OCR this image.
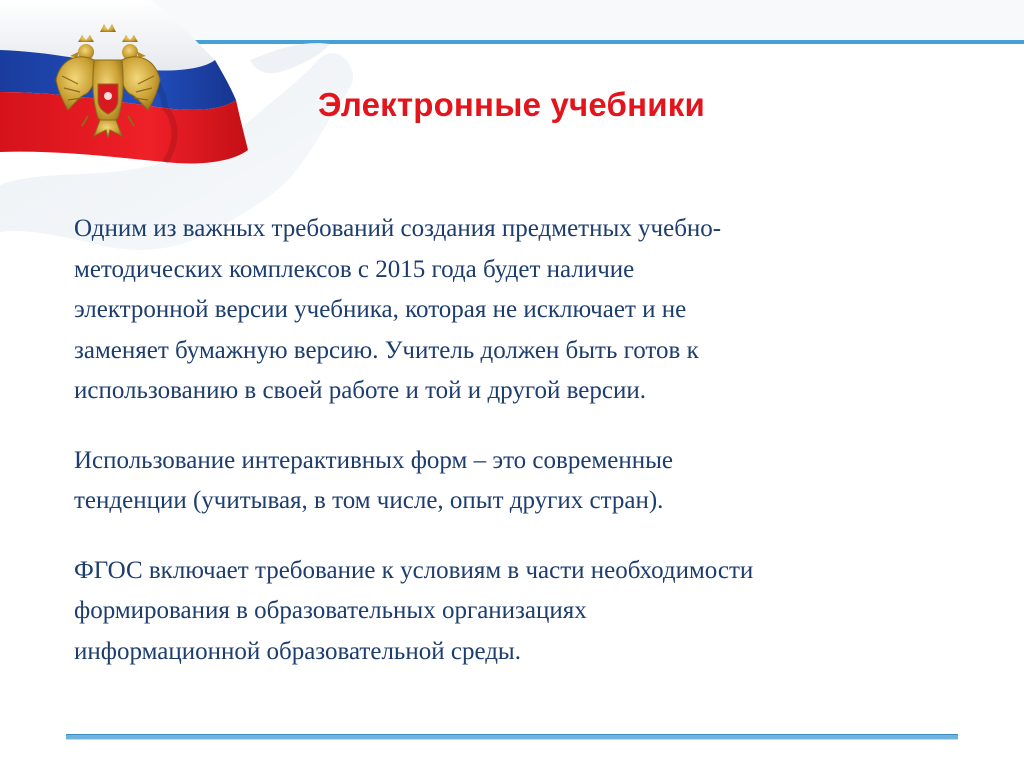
Электронные учебники

Одним из важных требований создания предметных учебно-
методических комплексов с 2015 года будет наличие
электронной версии учебника, которая не исключает и не
заменяет бумажную версию. Учитель должен быть готов к
использованию в своей работе и той и другой версии.

Использование интерактивных форм – это современные
тенденции (учитывая, в том числе, опыт других стран).

ФГОС включает требование к условиям в части необходимости
формирования в образовательных организациях
информационной образовательной среды.
